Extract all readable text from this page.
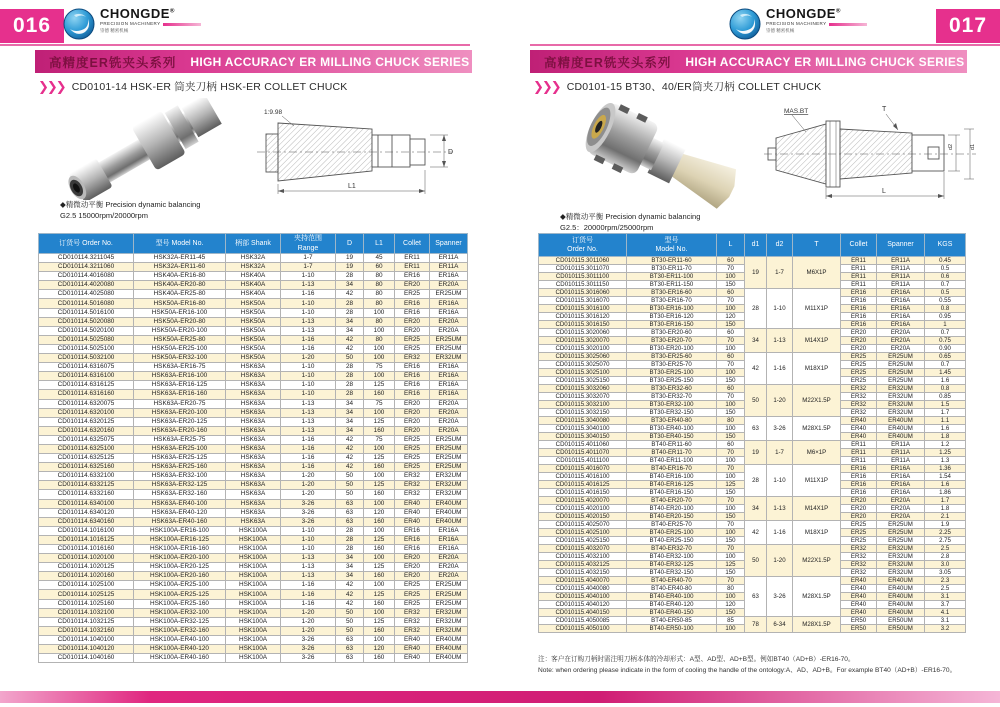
016
CHONGDE®
PRECISION MACHINERY
崇德 精密机械
高精度ER铣夹头系列 HIGH ACCURACY ER MILLING CHUCK SERIES
❯❯❯ CD0101-14 HSK-ER 筒夹刀柄 HSK-ER COLLET CHUCK
1:9.98
L1
D
◆精微动平衡 Precision dynamic balancing
G2.5 15000rpm/20000rpm
订货号 Order No.	型号 Model No.	柄部 Shank	夹持范围
Range	D	L1	Collet	Spanner
CD010114.3211045	HSK32A-ER11-45	HSK32A	1-7	19	45	ER11	ER11A
CD010114.3211060	HSK32A-ER11-60	HSK32A	1-7	19	60	ER11	ER11A
CD010114.4016080	HSK40A-ER16-80	HSK40A	1-10	28	80	ER16	ER16A
CD010114.4020080	HSK40A-ER20-80	HSK40A	1-13	34	80	ER20	ER20A
CD010114.4025080	HSK40A-ER25-80	HSK40A	1-16	42	80	ER25	ER25UM
CD010114.5016080	HSK50A-ER16-80	HSK50A	1-10	28	80	ER16	ER16A
CD010114.5016100	HSK50A-ER16-100	HSK50A	1-10	28	100	ER16	ER16A
CD010114.5020080	HSK50A-ER20-80	HSK50A	1-13	34	80	ER20	ER20A
CD010114.5020100	HSK50A-ER20-100	HSK50A	1-13	34	100	ER20	ER20A
CD010114.5025080	HSK50A-ER25-80	HSK50A	1-16	42	80	ER25	ER25UM
CD010114.5025100	HSK50A-ER25-100	HSK50A	1-16	42	100	ER25	ER25UM
CD010114.5032100	HSK50A-ER32-100	HSK50A	1-20	50	100	ER32	ER32UM
CD010114.6316075	HSK63A-ER16-75	HSK63A	1-10	28	75	ER16	ER16A
CD010114.6316100	HSK63A-ER16-100	HSK63A	1-10	28	100	ER16	ER16A
CD010114.6316125	HSK63A-ER16-125	HSK63A	1-10	28	125	ER16	ER16A
CD010114.6316160	HSK63A-ER16-160	HSK63A	1-10	28	160	ER16	ER16A
CD010114.6320075	HSK63A-ER20-75	HSK63A	1-13	34	75	ER20	ER20A
CD010114.6320100	HSK63A-ER20-100	HSK63A	1-13	34	100	ER20	ER20A
CD010114.6320125	HSK63A-ER20-125	HSK63A	1-13	34	125	ER20	ER20A
CD010114.6320160	HSK63A-ER20-160	HSK63A	1-13	34	160	ER20	ER20A
CD010114.6325075	HSK63A-ER25-75	HSK63A	1-16	42	75	ER25	ER25UM
CD010114.6325100	HSK63A-ER25-100	HSK63A	1-16	42	100	ER25	ER25UM
CD010114.6325125	HSK63A-ER25-125	HSK63A	1-16	42	125	ER25	ER25UM
CD010114.6325160	HSK63A-ER25-160	HSK63A	1-16	42	160	ER25	ER25UM
CD010114.6332100	HSK63A-ER32-100	HSK63A	1-20	50	100	ER32	ER32UM
CD010114.6332125	HSK63A-ER32-125	HSK63A	1-20	50	125	ER32	ER32UM
CD010114.6332160	HSK63A-ER32-160	HSK63A	1-20	50	160	ER32	ER32UM
CD010114.6340100	HSK63A-ER40-100	HSK63A	3-26	63	100	ER40	ER40UM
CD010114.6340120	HSK63A-ER40-120	HSK63A	3-26	63	120	ER40	ER40UM
CD010114.6340160	HSK63A-ER40-160	HSK63A	3-26	63	160	ER40	ER40UM
CD010114.1016100	HSK100A-ER16-100	HSK100A	1-10	28	100	ER16	ER16A
CD010114.1016125	HSK100A-ER16-125	HSK100A	1-10	28	125	ER16	ER16A
CD010114.1016160	HSK100A-ER16-160	HSK100A	1-10	28	160	ER16	ER16A
CD010114.1020100	HSK100A-ER20-100	HSK100A	1-13	34	100	ER20	ER20A
CD010114.1020125	HSK100A-ER20-125	HSK100A	1-13	34	125	ER20	ER20A
CD010114.1020160	HSK100A-ER20-160	HSK100A	1-13	34	160	ER20	ER20A
CD010114.1025100	HSK100A-ER25-100	HSK100A	1-16	42	100	ER25	ER25UM
CD010114.1025125	HSK100A-ER25-125	HSK100A	1-16	42	125	ER25	ER25UM
CD010114.1025160	HSK100A-ER25-160	HSK100A	1-16	42	160	ER25	ER25UM
CD010114.1032100	HSK100A-ER32-100	HSK100A	1-20	50	100	ER32	ER32UM
CD010114.1032125	HSK100A-ER32-125	HSK100A	1-20	50	125	ER32	ER32UM
CD010114.1032160	HSK100A-ER32-160	HSK100A	1-20	50	160	ER32	ER32UM
CD010114.1040100	HSK100A-ER40-100	HSK100A	3-26	63	100	ER40	ER40UM
CD010114.1040120	HSK100A-ER40-120	HSK100A	3-26	63	120	ER40	ER40UM
CD010114.1040160	HSK100A-ER40-160	HSK100A	3-26	63	160	ER40	ER40UM
017
CHONGDE®
PRECISION MACHINERY
崇德 精密机械
高精度ER铣夹头系列 HIGH ACCURACY ER MILLING CHUCK SERIES
❯❯❯ CD0101-15 BT30、40/ER筒夹刀柄 COLLET CHUCK
MAS.BT	T
L
d2	d1
◆精微动平衡 Precision dynamic balancing
G2.5：20000rpm/25000rpm
订货号
Order No.	型号
Model No.	L	d1	d2	T	Collet	Spanner	KGS
CD010115.3011060	BT30-ER11-60	60	19	1-7	M6X1P	ER11	ER11A	0.45
CD010115.3011070	BT30-ER11-70	70				ER11	ER11A	0.5
CD010115.3011100	BT30-ER11-100	100				ER11	ER11A	0.6
CD010115.3011150	BT30-ER11-150	150				ER11	ER11A	0.7
CD010115.3016060	BT30-ER16-60	60	28	1-10	M11X1P	ER16	ER16A	0.5
CD010115.3016070	BT30-ER16-70	70				ER16	ER16A	0.55
CD010115.3016100	BT30-ER16-100	100				ER16	ER16A	0.8
CD010115.3016120	BT30-ER16-120	120				ER16	ER16A	0.95
CD010115.3016150	BT30-ER16-150	150				ER16	ER16A	1
CD010115.3020060	BT30-ER20-60	60	34	1-13	M14X1P	ER20	ER20A	0.7
CD010115.3020070	BT30-ER20-70	70				ER20	ER20A	0.75
CD010115.3020100	BT30-ER20-100	100				ER20	ER20A	0.90
CD010115.3025060	BT30-ER25-60	60	42	1-16	M18X1P	ER25	ER25UM	0.65
CD010115.3025070	BT30-ER25-70	70				ER25	ER25UM	0.7
CD010115.3025100	BT30-ER25-100	100				ER25	ER25UM	1.45
CD010115.3025150	BT30-ER25-150	150				ER25	ER25UM	1.6
CD010115.3032060	BT30-ER32-60	60	50	1-20	M22X1.5P	ER32	ER32UM	0.8
CD010115.3032070	BT30-ER32-70	70				ER32	ER32UM	0.85
CD010115.3032100	BT30-ER32-100	100				ER32	ER32UM	1.5
CD010115.3032150	BT30-ER32-150	150				ER32	ER32UM	1.7
CD010115.3040080	BT30-ER40-80	80	63	3-26	M28X1.5P	ER40	ER40UM	1.1
CD010115.3040100	BT30-ER40-100	100				ER40	ER40UM	1.6
CD010115.3040150	BT30-ER40-150	150				ER40	ER40UM	1.8
CD010115.4011060	BT40-ER11-60	60	19	1-7	M6×1P	ER11	ER11A	1.2
CD010115.4011070	BT40-ER11-70	70				ER11	ER11A	1.25
CD010115.4011100	BT40-ER11-100	100				ER11	ER11A	1.3
CD010115.4016070	BT40-ER16-70	70	28	1-10	M11X1P	ER16	ER16A	1.36
CD010115.4016100	BT40-ER16-100	100				ER16	ER16A	1.54
CD010115.4016125	BT40-ER16-125	125				ER16	ER16A	1.6
CD010115.4016150	BT40-ER16-150	150				ER16	ER16A	1.86
CD010115.4020070	BT40-ER20-70	70	34	1-13	M14X1P	ER20	ER20A	1.7
CD010115.4020100	BT40-ER20-100	100				ER20	ER20A	1.8
CD010115.4020150	BT40-ER20-150	150				ER20	ER20A	2.1
CD010115.4025070	BT40-ER25-70	70	42	1-16	M18X1P	ER25	ER25UM	1.9
CD010115.4025100	BT40-ER25-100	100				ER25	ER25UM	2.25
CD010115.4025150	BT40-ER25-150	150				ER25	ER25UM	2.75
CD010115.4032070	BT40-ER32-70	70	50	1-20	M22X1.5P	ER32	ER32UM	2.5
CD010115.4032100	BT40-ER32-100	100				ER32	ER32UM	2.8
CD010115.4032125	BT40-ER32-125	125				ER32	ER32UM	3.0
CD010115.4032150	BT40-ER32-150	150				ER32	ER32UM	3.05
CD010115.4040070	BT40-ER40-70	70	63	3-26	M28X1.5P	ER40	ER40UM	2.3
CD010115.4040080	BT40-ER40-80	80				ER40	ER40UM	2.5
CD010115.4040100	BT40-ER40-100	100				ER40	ER40UM	3.1
CD010115.4040120	BT40-ER40-120	120				ER40	ER40UM	3.7
CD010115.4040150	BT40-ER40-150	150				ER40	ER40UM	4.1
CD010115.4050085	BT40-ER50-85	85	78	6-34	M28X1.5P	ER50	ER50UM	3.1
CD010115.4050100	BT40-ER50-100	100				ER50	ER50UM	3.2
注：客户在订购刀柄时需注明刀柄本体的冷却形式：A型、AD型、AD+B型。例如BT40（AD+B）-ER16-70。
Note: when ordering please indicate in the form of cooling the handle of the ontology:A、AD、AD+B。For example BT40（AD+B）-ER16-70。
